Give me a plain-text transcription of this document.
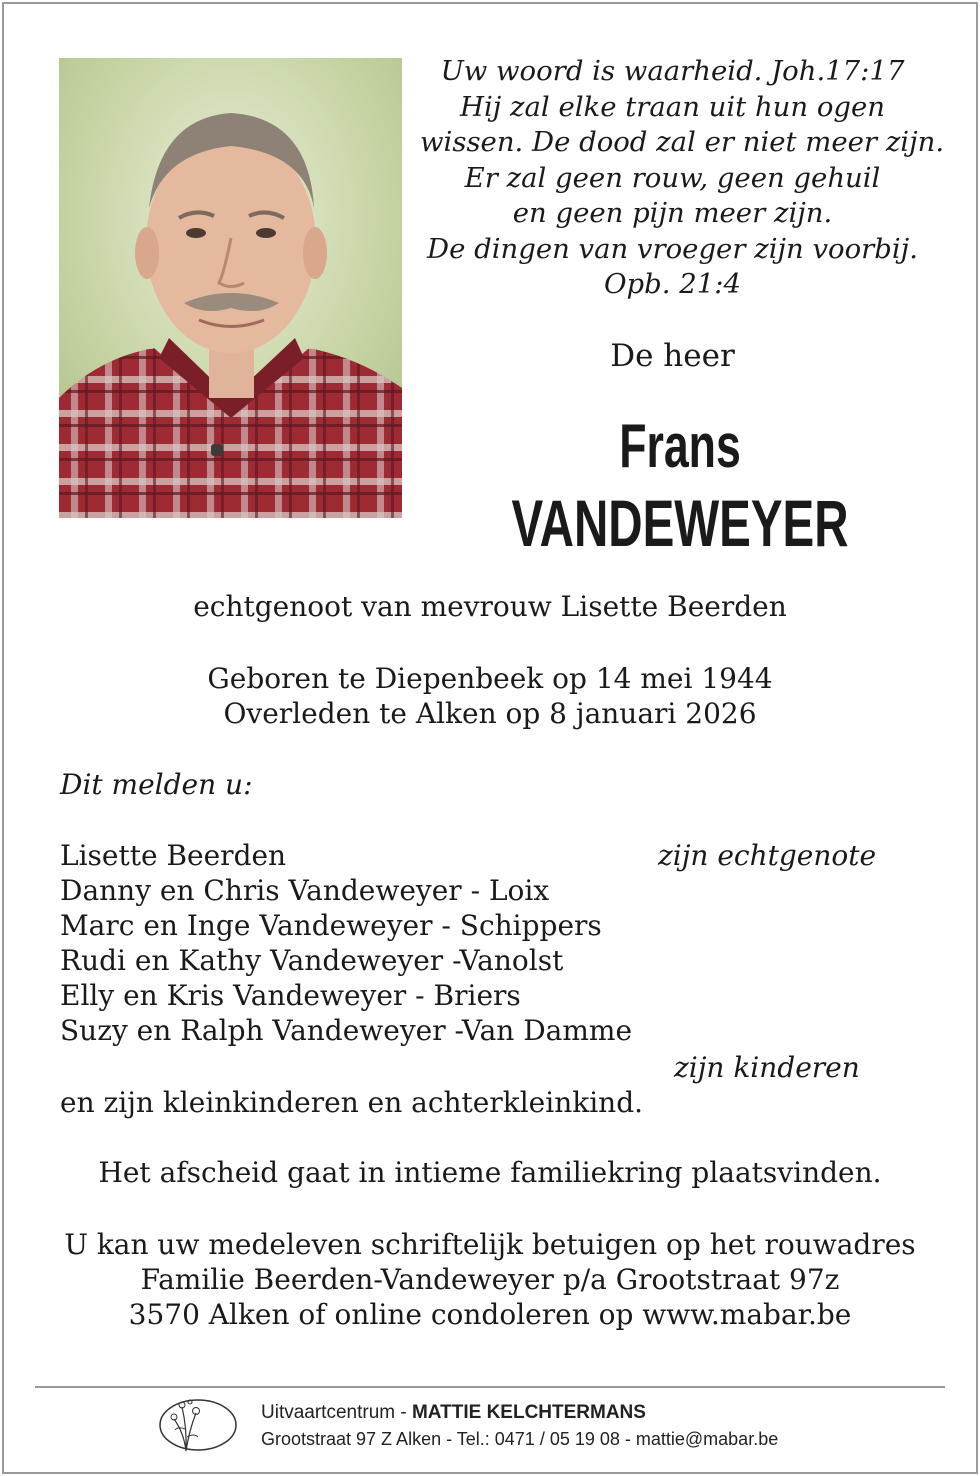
Uw woord is waarheid. Joh.17:17
Hij zal elke traan uit hun ogen
wissen. De dood zal er niet meer zijn.
Er zal geen rouw, geen gehuil
en geen pijn meer zijn.
De dingen van vroeger zijn voorbij.
Opb. 21:4
De heer
Frans
VANDEWEYER
echtgenoot van mevrouw Lisette Beerden
Geboren te Diepenbeek op 14 mei 1944
Overleden te Alken op 8 januari 2026
Dit melden u:
Lisette Beerden	zijn echtgenote
Danny en Chris Vandeweyer - Loix
Marc en Inge Vandeweyer - Schippers
Rudi en Kathy Vandeweyer -Vanolst
Elly en Kris Vandeweyer - Briers
Suzy en Ralph Vandeweyer -Van Damme
zijn kinderen
en zijn kleinkinderen en achterkleinkind.
Het afscheid gaat in intieme familiekring plaatsvinden.
U kan uw medeleven schriftelijk betuigen op het rouwadres
Familie Beerden-Vandeweyer p/a Grootstraat 97z
3570 Alken of online condoleren op www.mabar.be
Uitvaartcentrum - MATTIE KELCHTERMANS
Grootstraat 97 Z Alken - Tel.: 0471 / 05 19 08 - mattie@mabar.be
